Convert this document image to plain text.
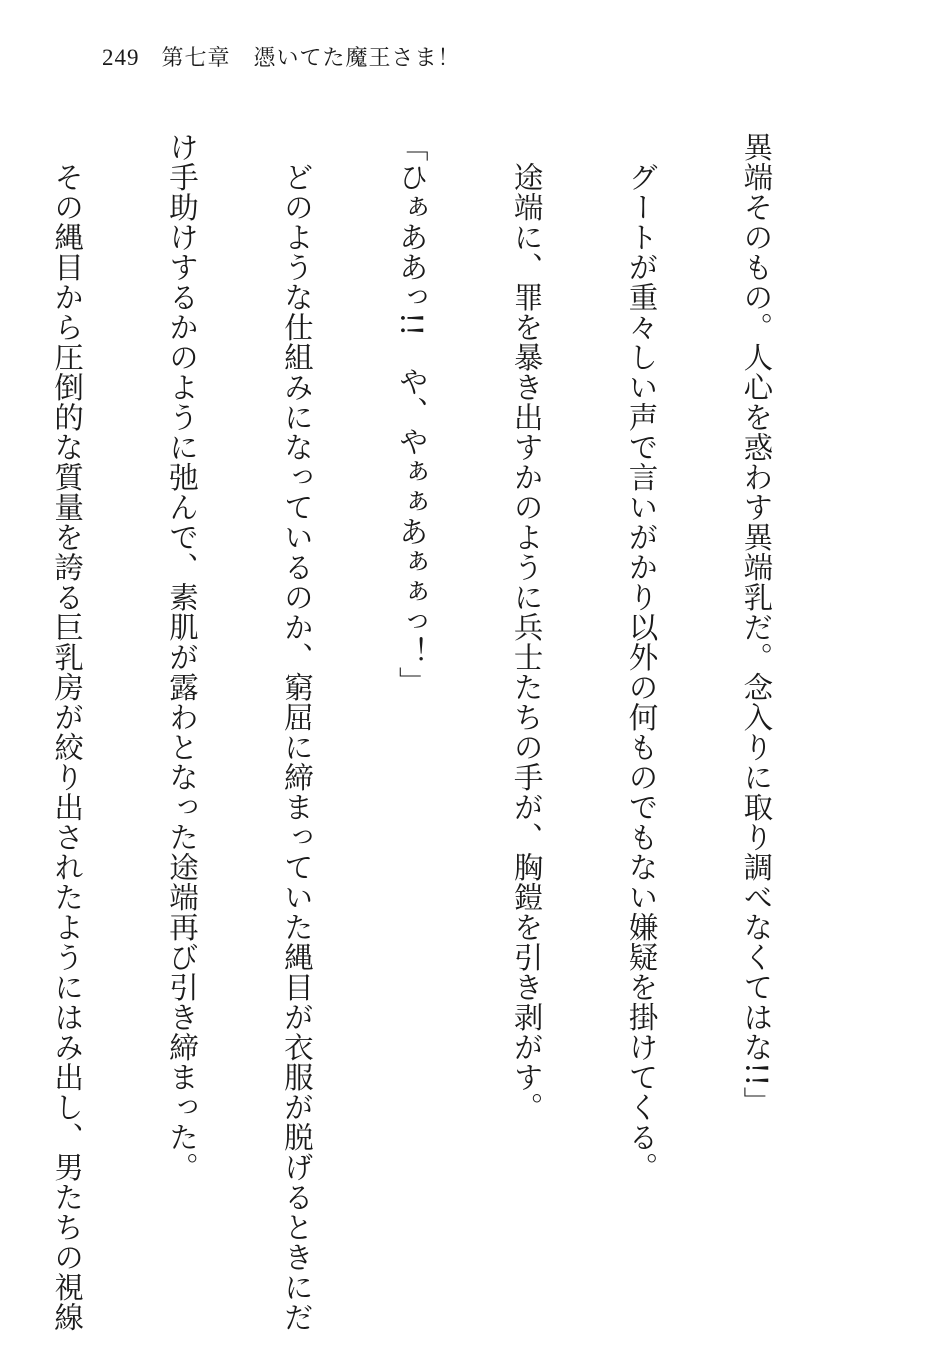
249 第七章　憑いてた魔王さま！

異端そのもの。人心を惑わす異端乳だ。念入りに取り調べなくてはな!!」

　グートが重々しい声で言いがかり以外の何ものでもない嫌疑を掛けてくる。

　途端に、罪を暴き出すかのように兵士たちの手が、胸鎧を引き剥がす。

「ひぁああっ!!　や、やぁぁあぁぁっ！」

　どのような仕組みになっているのか、窮屈に締まっていた縄目が衣服が脱げるときにだ

け手助けするかのように弛んで、素肌が露わとなった途端再び引き締まった。

　その縄目から圧倒的な質量を誇る巨乳房が絞り出されたようにはみ出し、男たちの視線
